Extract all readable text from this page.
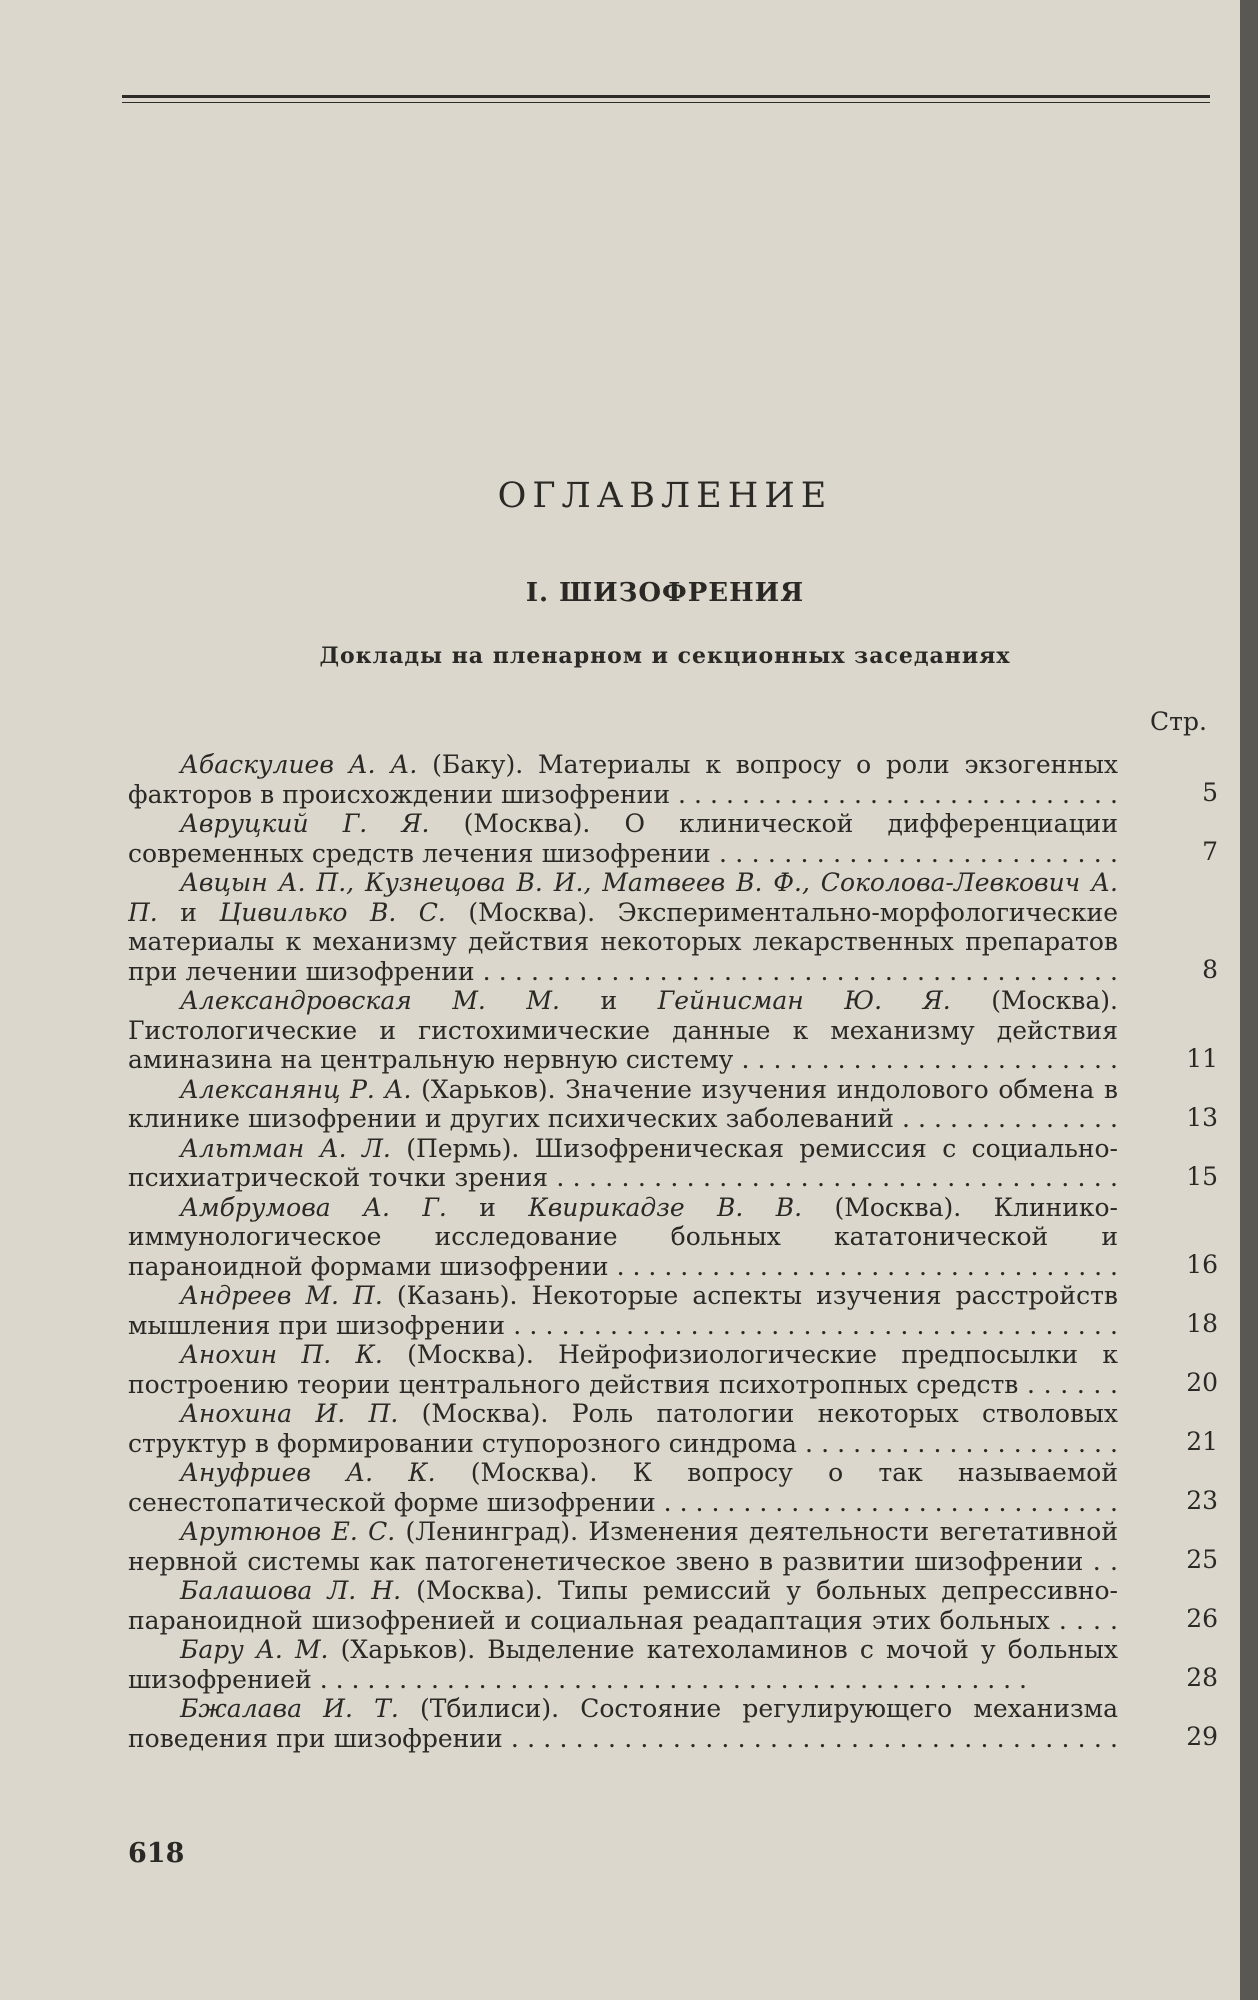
ОГЛАВЛЕНИЕ
I. ШИЗОФРЕНИЯ
Доклады на пленарном и секционных заседаниях
Стр.
Абаскулиев А. А. (Баку). Материалы к вопросу о роли экзогенных факторов в происхождении шизофрении . . .	5
Авруцкий Г. Я. (Москва). О клинической дифференциации современных средств лечения шизофрении . . .	7
Авцын А. П., Кузнецова В. И., Матвеев В. Ф., Соколова-Левкович А. П. и Цивилько В. С. (Москва). Экспериментально-морфологические материалы к механизму действия некоторых лекарственных препаратов при лечении шизофрении . . .	8
Александровская М. М. и Гейнисман Ю. Я. (Москва). Гистологические и гистохимические данные к механизму действия аминазина на центральную нервную систему . . .	11
Алексанянц Р. А. (Харьков). Значение изучения индолового обмена в клинике шизофрении и других психических заболеваний . . .	13
Альтман А. Л. (Пермь). Шизофреническая ремиссия с социально-психиатрической точки зрения . . .	15
Амбрумова А. Г. и Квирикадзе В. В. (Москва). Клинико-иммунологическое исследование больных кататонической и параноидной формами шизофрении . . .	16
Андреев М. П. (Казань). Некоторые аспекты изучения расстройств мышления при шизофрении . . .	18
Анохин П. К. (Москва). Нейрофизиологические предпосылки к построению теории центрального действия психотропных средств . . .	20
Анохина И. П. (Москва). Роль патологии некоторых стволовых структур в формировании ступорозного синдрома . . .	21
Ануфриев А. К. (Москва). К вопросу о так называемой сенестопатической форме шизофрении . . .	23
Арутюнов Е. С. (Ленинград). Изменения деятельности вегетативной нервной системы как патогенетическое звено в развитии шизофрении . . .	25
Балашова Л. Н. (Москва). Типы ремиссий у больных депрессивно-параноидной шизофренией и социальная реадаптация этих больных . . .	26
Бару А. М. (Харьков). Выделение катехоламинов с мочой у больных шизофренией . . .	28
Бжалава И. Т. (Тбилиси). Состояние регулирующего механизма поведения при шизофрении . . .	29
618
